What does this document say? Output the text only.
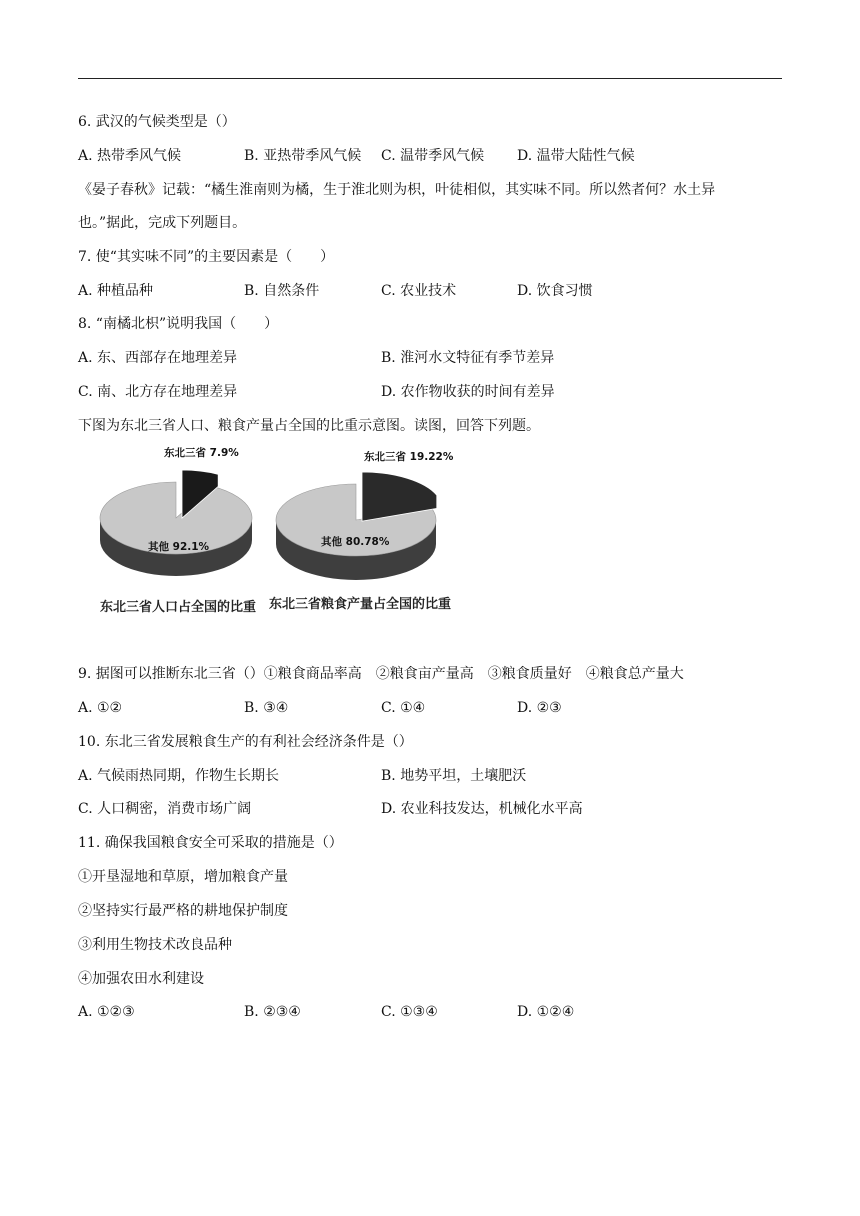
6. 武汉的气候类型是（）
A. 热带季风气候	B. 亚热带季风气候 C. 温带季风气候 D. 温带大陆性气候
《晏子春秋》记载：“橘生淮南则为橘，生于淮北则为枳，叶徒相似，其实味不同。所以然者何？水土异
也。”据此，完成下列题目。
7. 使“其实味不同”的主要因素是（　　）
A. 种植品种	B. 自然条件	C. 农业技术	D. 饮食习惯
8. “南橘北枳”说明我国（　　）
A. 东、西部存在地理差异	B. 淮河水文特征有季节差异
C. 南、北方存在地理差异	D. 农作物收获的时间有差异
下图为东北三省人口、粮食产量占全国的比重示意图。读图，回答下列题。
东北三省 7.9%
其他 92.1%
东北三省人口占全国的比重
东北三省 19.22%
其他 80.78%
东北三省粮食产量占全国的比重
9. 据图可以推断东北三省（）①粮食商品率高　②粮食亩产量高　③粮食质量好　④粮食总产量大
A. ①②	B. ③④	C. ①④	D. ②③
10. 东北三省发展粮食生产的有利社会经济条件是（）
A. 气候雨热同期，作物生长期长	B. 地势平坦，土壤肥沃
C. 人口稠密，消费市场广阔	D. 农业科技发达，机械化水平高
11. 确保我国粮食安全可采取的措施是（）
①开垦湿地和草原，增加粮食产量
②坚持实行最严格的耕地保护制度
③利用生物技术改良品种
④加强农田水利建设
A. ①②③	B. ②③④	C. ①③④	D. ①②④
